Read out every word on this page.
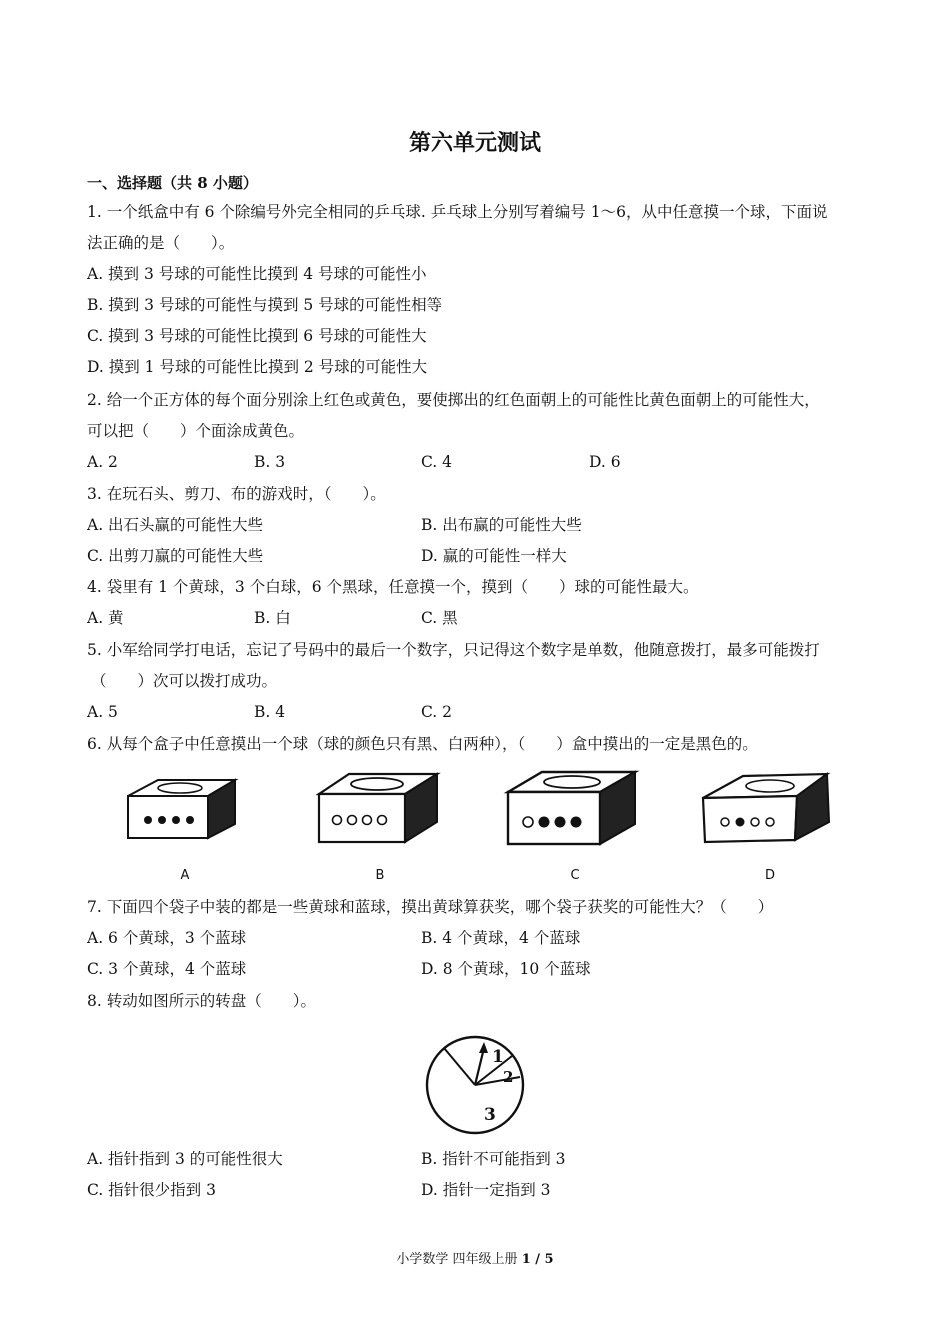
第六单元测试
一、选择题（共 8 小题）
1. 一个纸盒中有 6 个除编号外完全相同的乒乓球. 乒乓球上分别写着编号 1～6，从中任意摸一个球，下面说
法正确的是（　　）。
A. 摸到 3 号球的可能性比摸到 4 号球的可能性小
B. 摸到 3 号球的可能性与摸到 5 号球的可能性相等
C. 摸到 3 号球的可能性比摸到 6 号球的可能性大
D. 摸到 1 号球的可能性比摸到 2 号球的可能性大
2. 给一个正方体的每个面分别涂上红色或黄色，要使掷出的红色面朝上的可能性比黄色面朝上的可能性大，
可以把（　　）个面涂成黄色。
A. 2	B. 3	C. 4	D. 6
3. 在玩石头、剪刀、布的游戏时，（　　）。
A. 出石头赢的可能性大些	B. 出布赢的可能性大些
C. 出剪刀赢的可能性大些	D. 赢的可能性一样大
4. 袋里有 1 个黄球，3 个白球，6 个黑球，任意摸一个，摸到（　　）球的可能性最大。
A. 黄	B. 白	C. 黑
5. 小军给同学打电话，忘记了号码中的最后一个数字，只记得这个数字是单数，他随意拨打，最多可能拨打
（　　）次可以拨打成功。
A. 5	B. 4	C. 2
6. 从每个盒子中任意摸出一个球（球的颜色只有黑、白两种），（　　）盒中摸出的一定是黑色的。
A	B	C	D
7. 下面四个袋子中装的都是一些黄球和蓝球，摸出黄球算获奖，哪个袋子获奖的可能性大？（　　）
A. 6 个黄球，3 个蓝球	B. 4 个黄球，4 个蓝球
C. 3 个黄球，4 个蓝球	D. 8 个黄球，10 个蓝球
8. 转动如图所示的转盘（　　）。
1
2
3
A. 指针指到 3 的可能性很大	B. 指针不可能指到 3
C. 指针很少指到 3	D. 指针一定指到 3
小学数学 四年级上册 1 / 5
